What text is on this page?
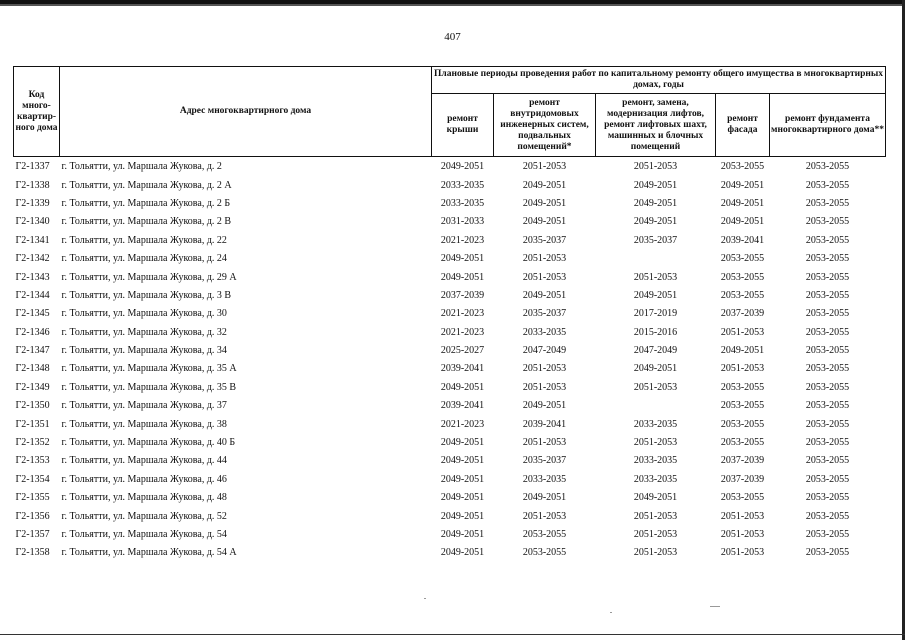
407
Код много-квартир-ного дома	Адрес многоквартирного дома	Плановые периоды проведения работ по капитальному ремонту общего имущества в многоквартирных домах, годы				
		ремонт крыши	ремонт внутридомовых инженерных систем, подвальных помещений*	ремонт, замена, модернизация лифтов, ремонт лифтовых шахт, машинных и блочных помещений	ремонт фасада	ремонт фундамента многоквартирного дома**
Г2-1337	г. Тольятти, ул. Маршала Жукова, д. 2	2049-2051	2051-2053	2051-2053	2053-2055	2053-2055
Г2-1338	г. Тольятти, ул. Маршала Жукова, д. 2 А	2033-2035	2049-2051	2049-2051	2049-2051	2053-2055
Г2-1339	г. Тольятти, ул. Маршала Жукова, д. 2 Б	2033-2035	2049-2051	2049-2051	2049-2051	2053-2055
Г2-1340	г. Тольятти, ул. Маршала Жукова, д. 2 В	2031-2033	2049-2051	2049-2051	2049-2051	2053-2055
Г2-1341	г. Тольятти, ул. Маршала Жукова, д. 22	2021-2023	2035-2037	2035-2037	2039-2041	2053-2055
Г2-1342	г. Тольятти, ул. Маршала Жукова, д. 24	2049-2051	2051-2053		2053-2055	2053-2055
Г2-1343	г. Тольятти, ул. Маршала Жукова, д. 29 А	2049-2051	2051-2053	2051-2053	2053-2055	2053-2055
Г2-1344	г. Тольятти, ул. Маршала Жукова, д. 3 В	2037-2039	2049-2051	2049-2051	2053-2055	2053-2055
Г2-1345	г. Тольятти, ул. Маршала Жукова, д. 30	2021-2023	2035-2037	2017-2019	2037-2039	2053-2055
Г2-1346	г. Тольятти, ул. Маршала Жукова, д. 32	2021-2023	2033-2035	2015-2016	2051-2053	2053-2055
Г2-1347	г. Тольятти, ул. Маршала Жукова, д. 34	2025-2027	2047-2049	2047-2049	2049-2051	2053-2055
Г2-1348	г. Тольятти, ул. Маршала Жукова, д. 35 А	2039-2041	2051-2053	2049-2051	2051-2053	2053-2055
Г2-1349	г. Тольятти, ул. Маршала Жукова, д. 35 В	2049-2051	2051-2053	2051-2053	2053-2055	2053-2055
Г2-1350	г. Тольятти, ул. Маршала Жукова, д. 37	2039-2041	2049-2051		2053-2055	2053-2055
Г2-1351	г. Тольятти, ул. Маршала Жукова, д. 38	2021-2023	2039-2041	2033-2035	2053-2055	2053-2055
Г2-1352	г. Тольятти, ул. Маршала Жукова, д. 40 Б	2049-2051	2051-2053	2051-2053	2053-2055	2053-2055
Г2-1353	г. Тольятти, ул. Маршала Жукова, д. 44	2049-2051	2035-2037	2033-2035	2037-2039	2053-2055
Г2-1354	г. Тольятти, ул. Маршала Жукова, д. 46	2049-2051	2033-2035	2033-2035	2037-2039	2053-2055
Г2-1355	г. Тольятти, ул. Маршала Жукова, д. 48	2049-2051	2049-2051	2049-2051	2053-2055	2053-2055
Г2-1356	г. Тольятти, ул. Маршала Жукова, д. 52	2049-2051	2051-2053	2051-2053	2051-2053	2053-2055
Г2-1357	г. Тольятти, ул. Маршала Жукова, д. 54	2049-2051	2053-2055	2051-2053	2051-2053	2053-2055
Г2-1358	г. Тольятти, ул. Маршала Жукова, д. 54 А	2049-2051	2053-2055	2051-2053	2051-2053	2053-2055
